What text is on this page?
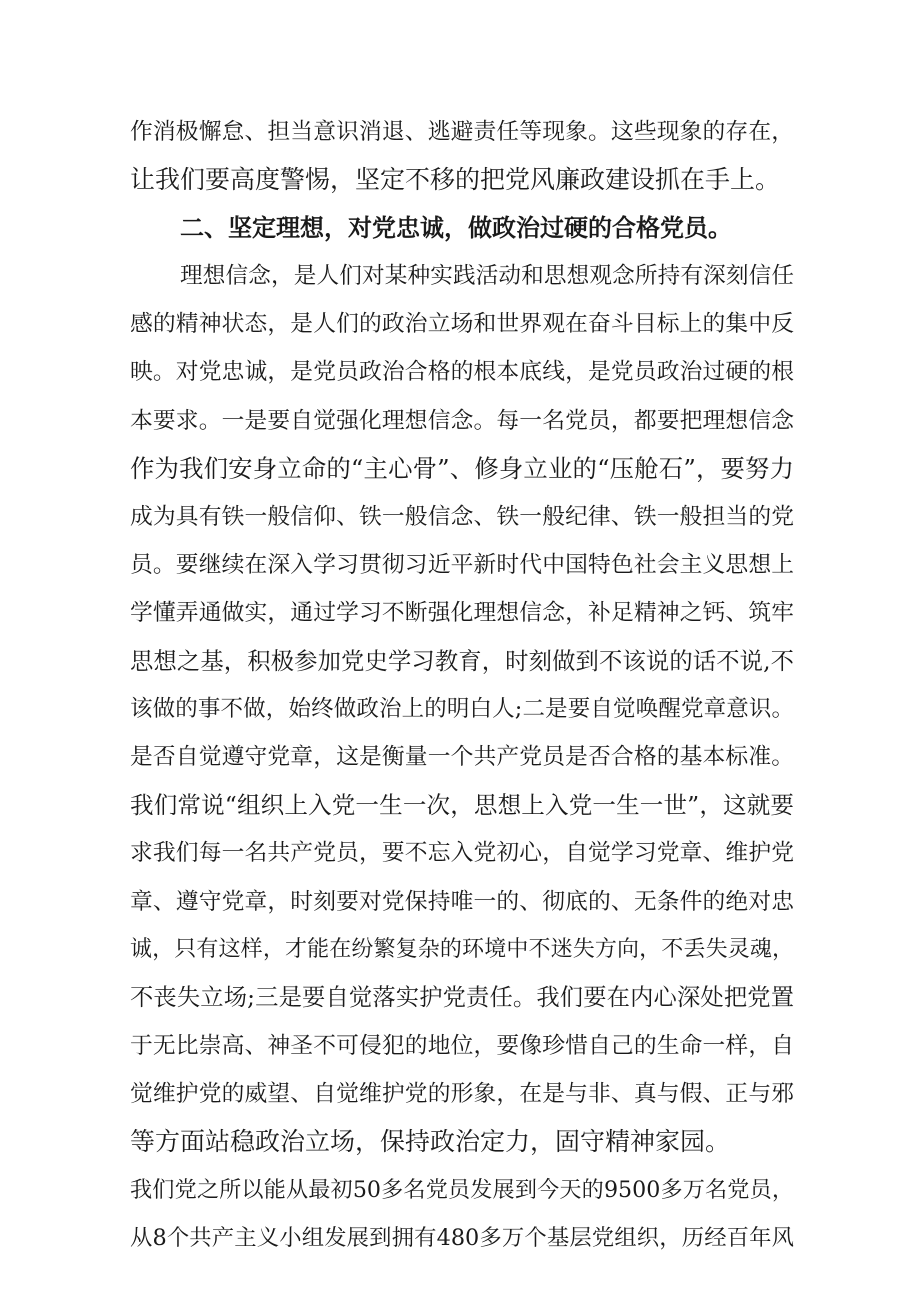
作消极懈怠、担当意识消退、逃避责任等现象。这些现象的存在，
让我们要高度警惕，坚定不移的把党风廉政建设抓在手上。
二、坚定理想，对党忠诚，做政治过硬的合格党员。
理想信念，是人们对某种实践活动和思想观念所持有深刻信任
感的精神状态，是人们的政治立场和世界观在奋斗目标上的集中反
映。对党忠诚，是党员政治合格的根本底线，是党员政治过硬的根
本要求。一是要自觉强化理想信念。每一名党员，都要把理想信念
作为我们安身立命的“主心骨”、修身立业的“压舱石”，要努力
成为具有铁一般信仰、铁一般信念、铁一般纪律、铁一般担当的党
员。要继续在深入学习贯彻习近平新时代中国特色社会主义思想上
学懂弄通做实，通过学习不断强化理想信念，补足精神之钙、筑牢
思想之基，积极参加党史学习教育，时刻做到不该说的话不说,不
该做的事不做，始终做政治上的明白人;二是要自觉唤醒党章意识。
是否自觉遵守党章，这是衡量一个共产党员是否合格的基本标准。
我们常说“组织上入党一生一次，思想上入党一生一世”，这就要
求我们每一名共产党员，要不忘入党初心，自觉学习党章、维护党
章、遵守党章，时刻要对党保持唯一的、彻底的、无条件的绝对忠
诚，只有这样，才能在纷繁复杂的环境中不迷失方向，不丢失灵魂，
不丧失立场;三是要自觉落实护党责任。我们要在内心深处把党置
于无比崇高、神圣不可侵犯的地位，要像珍惜自己的生命一样，自
觉维护党的威望、自觉维护党的形象，在是与非、真与假、正与邪
等方面站稳政治立场，保持政治定力，固守精神家园。
我们党之所以能从最初50多名党员发展到今天的9500多万名党员，
从8个共产主义小组发展到拥有480多万个基层党组织，历经百年风
